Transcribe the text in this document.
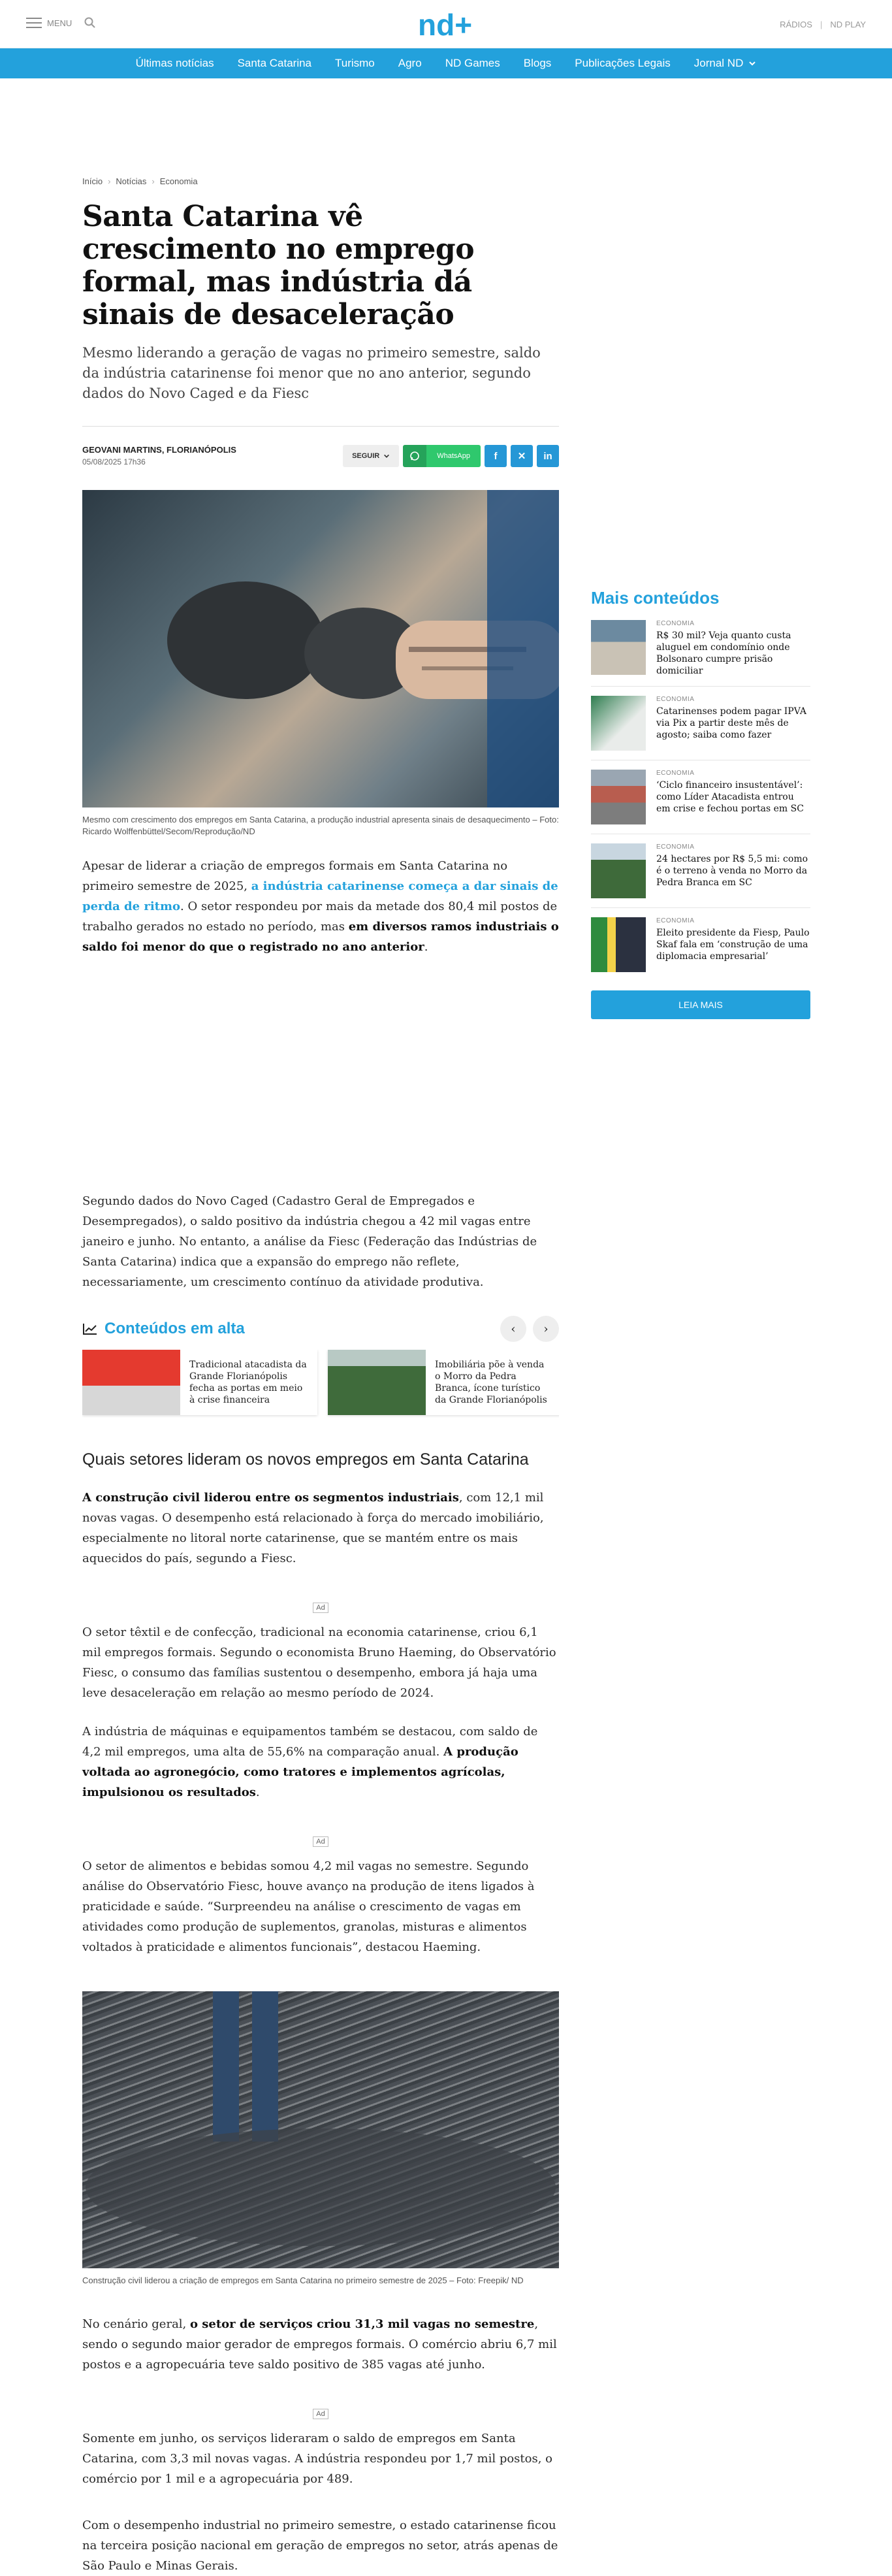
MENU	nd+	RÁDIOS | ND PLAY
Últimas notícias Santa Catarina Turismo Agro ND Games Blogs Publicações Legais Jornal ND
Início › Notícias › Economia
Santa Catarina vê crescimento no emprego formal, mas indústria dá sinais de desaceleração

Mesmo liderando a geração de vagas no primeiro semestre, saldo da indústria catarinense foi menor que no ano anterior, segundo dados do Novo Caged e da Fiesc

GEOVANI MARTINS, FLORIANÓPOLIS
05/08/2025 17h36
SEGUIR	WhatsApp	f	✕	in

Mesmo com crescimento dos empregos em Santa Catarina, a produção industrial apresenta sinais de desaquecimento – Foto: Ricardo Wolffenbüttel/Secom/Reprodução/ND

Apesar de liderar a criação de empregos formais em Santa Catarina no primeiro semestre de 2025, a indústria catarinense começa a dar sinais de perda de ritmo. O setor respondeu por mais da metade dos 80,4 mil postos de trabalho gerados no estado no período, mas em diversos ramos industriais o saldo foi menor do que o registrado no ano anterior.

Segundo dados do Novo Caged (Cadastro Geral de Empregados e Desempregados), o saldo positivo da indústria chegou a 42 mil vagas entre janeiro e junho. No entanto, a análise da Fiesc (Federação das Indústrias de Santa Catarina) indica que a expansão do emprego não reflete, necessariamente, um crescimento contínuo da atividade produtiva.

Conteúdos em alta	‹	›
Tradicional atacadista da Grande Florianópolis fecha as portas em meio à crise financeira
Imobiliária põe à venda o Morro da Pedra Branca, ícone turístico da Grande Florianópolis
Quais setores lideram os novos empregos em Santa Catarina

A construção civil liderou entre os segmentos industriais, com 12,1 mil novas vagas. O desempenho está relacionado à força do mercado imobiliário, especialmente no litoral norte catarinense, que se mantém entre os mais aquecidos do país, segundo a Fiesc.

Ad

O setor têxtil e de confecção, tradicional na economia catarinense, criou 6,1 mil empregos formais. Segundo o economista Bruno Haeming, do Observatório Fiesc, o consumo das famílias sustentou o desempenho, embora já haja uma leve desaceleração em relação ao mesmo período de 2024.

A indústria de máquinas e equipamentos também se destacou, com saldo de 4,2 mil empregos, uma alta de 55,6% na comparação anual. A produção voltada ao agronegócio, como tratores e implementos agrícolas, impulsionou os resultados.

Ad

O setor de alimentos e bebidas somou 4,2 mil vagas no semestre. Segundo análise do Observatório Fiesc, houve avanço na produção de itens ligados à praticidade e saúde. “Surpreendeu na análise o crescimento de vagas em atividades como produção de suplementos, granolas, misturas e alimentos voltados à praticidade e alimentos funcionais”, destacou Haeming.

Construção civil liderou a criação de empregos em Santa Catarina no primeiro semestre de 2025 – Foto: Freepik/ ND

No cenário geral, o setor de serviços criou 31,3 mil vagas no semestre, sendo o segundo maior gerador de empregos formais. O comércio abriu 6,7 mil postos e a agropecuária teve saldo positivo de 385 vagas até junho.

Ad

Somente em junho, os serviços lideraram o saldo de empregos em Santa Catarina, com 3,3 mil novas vagas. A indústria respondeu por 1,7 mil postos, o comércio por 1 mil e a agropecuária por 489.

Com o desempenho industrial no primeiro semestre, o estado catarinense ficou na terceira posição nacional em geração de empregos no setor, atrás apenas de São Paulo e Minas Gerais.

Mais conteúdos
ECONOMIA
R$ 30 mil? Veja quanto custa aluguel em condomínio onde Bolsonaro cumpre prisão domiciliar
ECONOMIA
Catarinenses podem pagar IPVA via Pix a partir deste mês de agosto; saiba como fazer
ECONOMIA
‘Ciclo financeiro insustentável’: como Líder Atacadista entrou em crise e fechou portas em SC
ECONOMIA
24 hectares por R$ 5,5 mi: como é o terreno à venda no Morro da Pedra Branca em SC
ECONOMIA
Eleito presidente da Fiesp, Paulo Skaf fala em ‘construção de uma diplomacia empresarial’
LEIA MAIS
